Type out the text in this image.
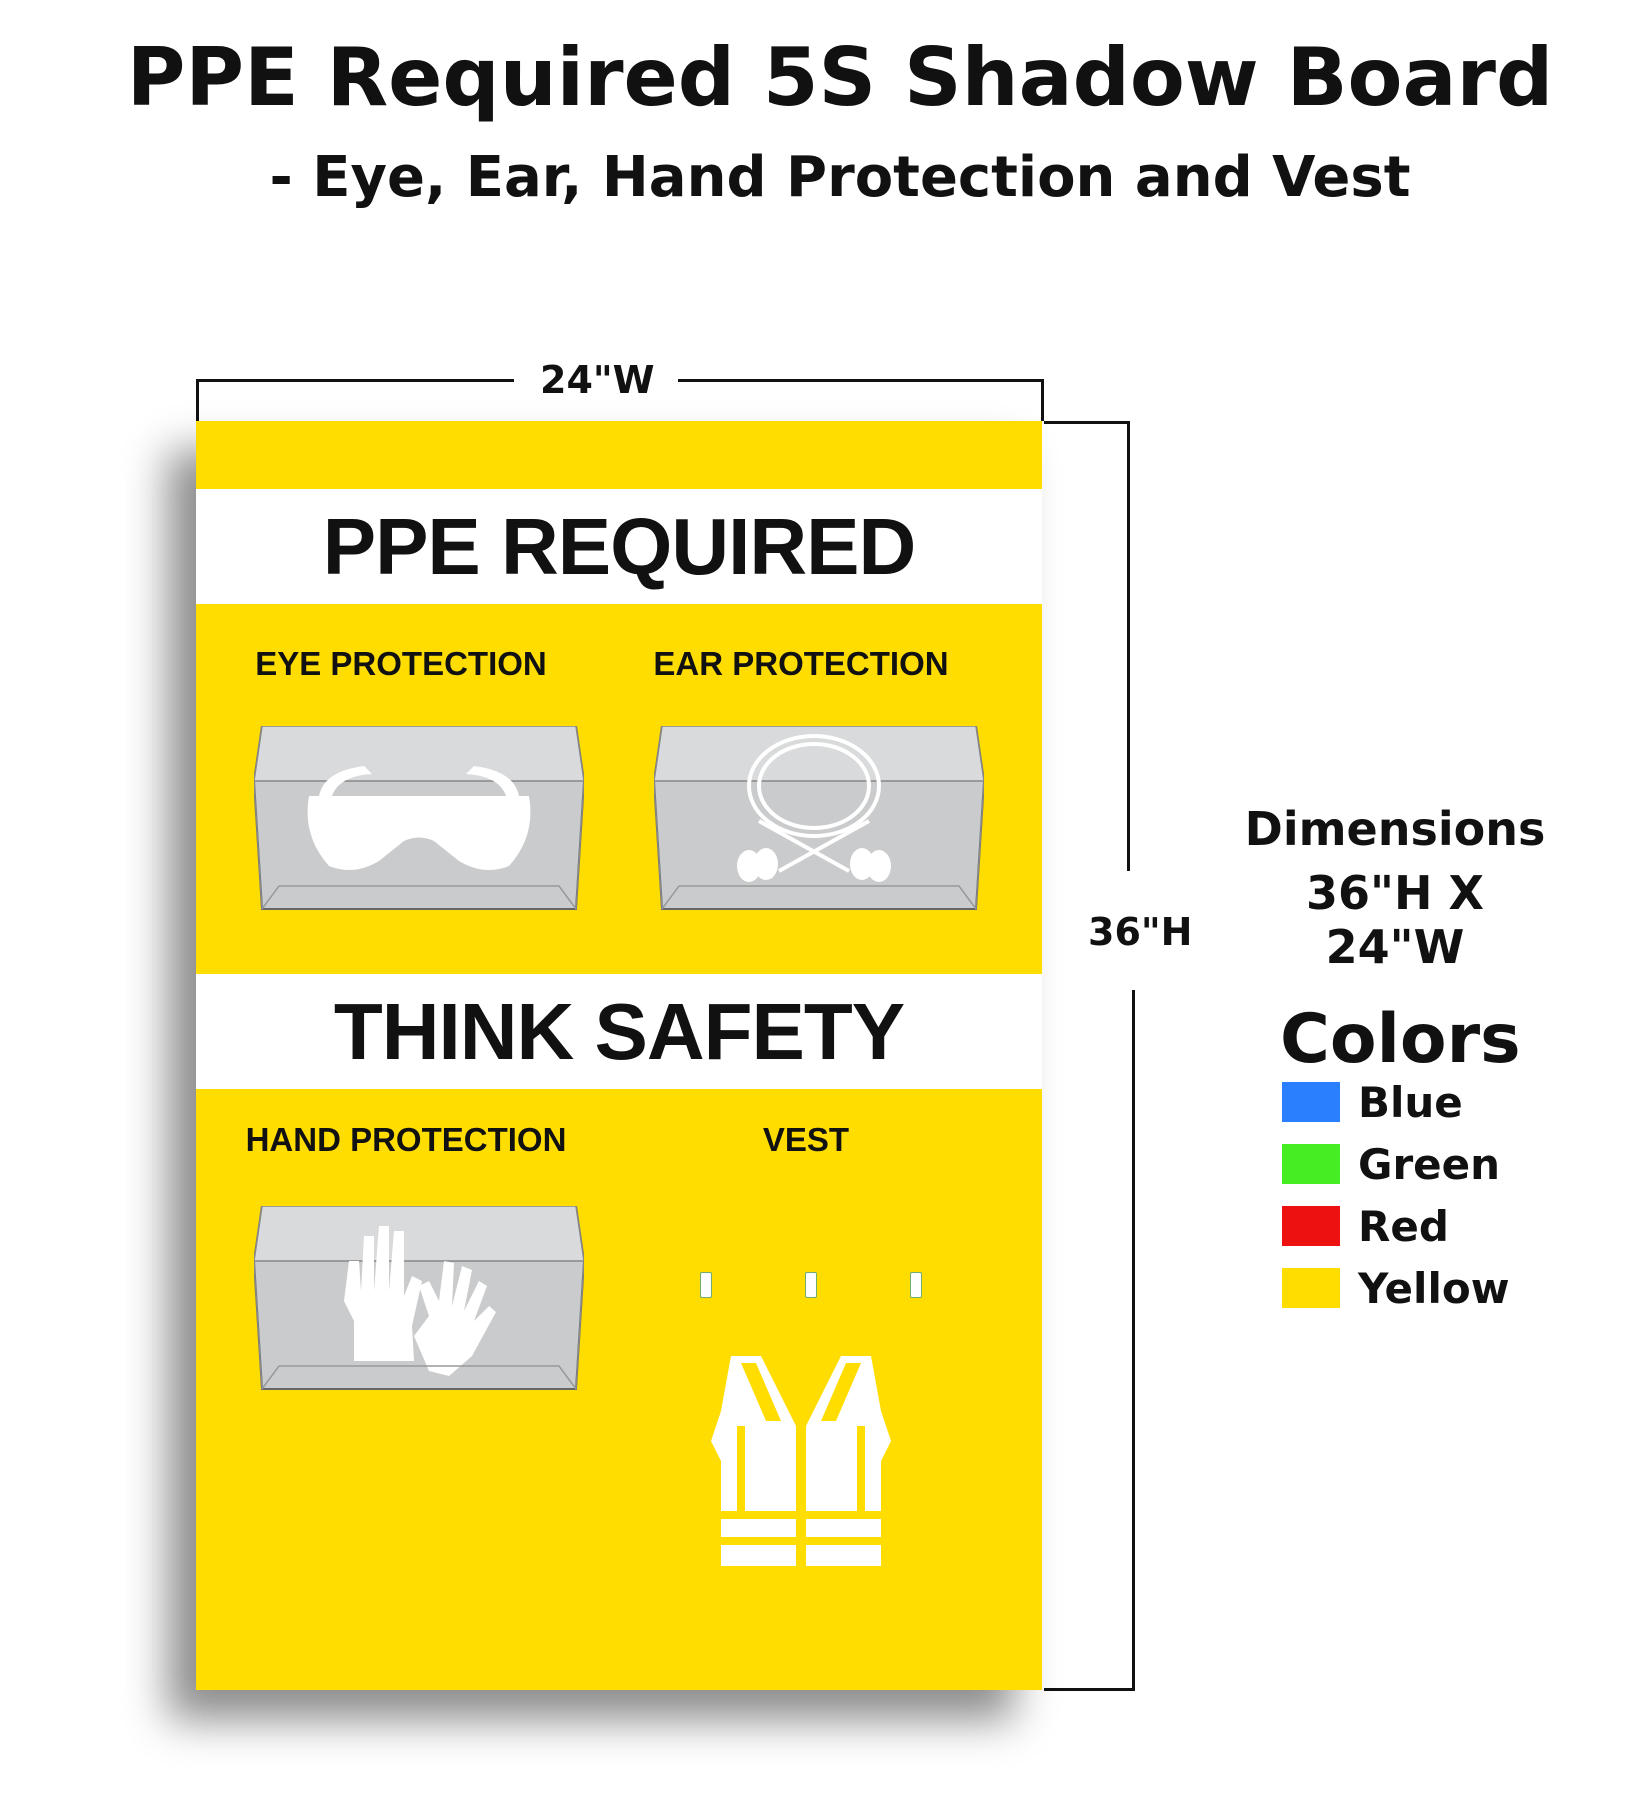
PPE Required 5S Shadow Board
- Eye, Ear, Hand Protection and Vest
24"W
36"H
PPE REQUIRED
EYE PROTECTION	EAR PROTECTION
THINK SAFETY
HAND PROTECTION	VEST
Dimensions
36"H X 24"W
Colors
Blue
Green
Red
Yellow
